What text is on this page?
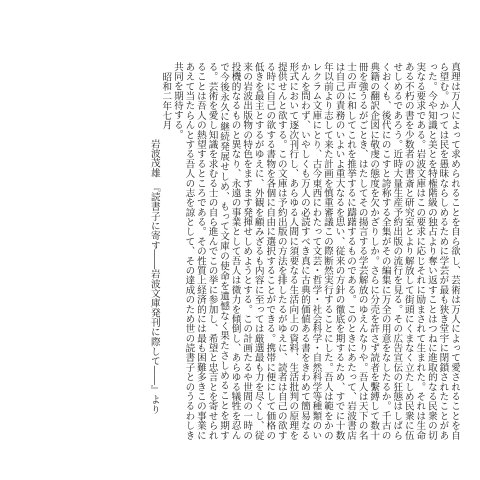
真理は万人によって求められることを自ら欲し、芸術は万人によって愛されることを自ら望む。かつては民を愚昧ならしめるために学芸が最も狭き堂宇に閉鎖されたことがあった。今や知識と美とを特権階級の独占より奪い返すことはつねに進取的なる民衆の切実なる要求である。岩波文庫はこの要求に応じそれに励まされて生まれた。それは生命ある不朽の書を少数者の書斎と研究室とより解放して街頭にくまなく立たしめ民衆に伍せしめるであろう。近時大量生産予約出版の流行を見る。その広告宣伝の狂態はしばらくおくも、後代にのこすと誇称する全集がその編集に万全の用意をなしたるか。千古の典籍の翻訳企図に敬虔の態度を欠かざりしか。さらに分売を許さず読者を繫縛して数十冊を強うるがごとき、はたしてその揚言する学芸解放のゆえんなりや。吾人は天下の名士の声に和してこれを推挙するに躊躇するものである。このときにあたって、岩波書店は自己の責務のいよいよ重大なるを思い、従来の方針の徹底を期するため、すでに十数年以前より志して来た計画を慎重審議この際断然実行することにした。吾人は範をかのレクラム文庫にとり、古今東西にわたって文芸・哲学・社会科学・自然科学等種類のいかんを問わず、いやしくも万人の必読すべき真に古典的価値ある書をきわめて簡易なる形式において逐次刊行し、あらゆる人間に須要なる生活向上の資料、生活批判の原理を提供せんと欲する。この文庫は予約出版の方法を排したるがゆえに、読者は自己の欲する時に自己の欲する書物を各個に自由に選択することができる。携帯に便にして価格の低きを最主とするがゆえに、外観を顧みざるも内容に至っては厳選最も力を尽くし、従来の岩波出版物の特色をますます発揮せしめようとする。この計画たるや世間の一時の投機的なるものと異なり、永遠の事業として吾人は微力を傾倒し、あらゆる犠牲を忍んで今後永久に継続発展せしめ、もって文庫の使命を遺憾なく果たさしめることを期する。芸術を愛し知識を求むる士の自ら進んでこの挙に参加し、希望と忠言とを寄せられることは吾人の熱望するところである。その性質上経済的には最も困難多きこの事業にあえて当たらんとする吾人の志を諒として、その達成のため世の読書子とのうるわしき共同を期待する。

昭和二年七月

岩波茂雄　『読書子に寄す――岩波文庫発刊に際して――』より
